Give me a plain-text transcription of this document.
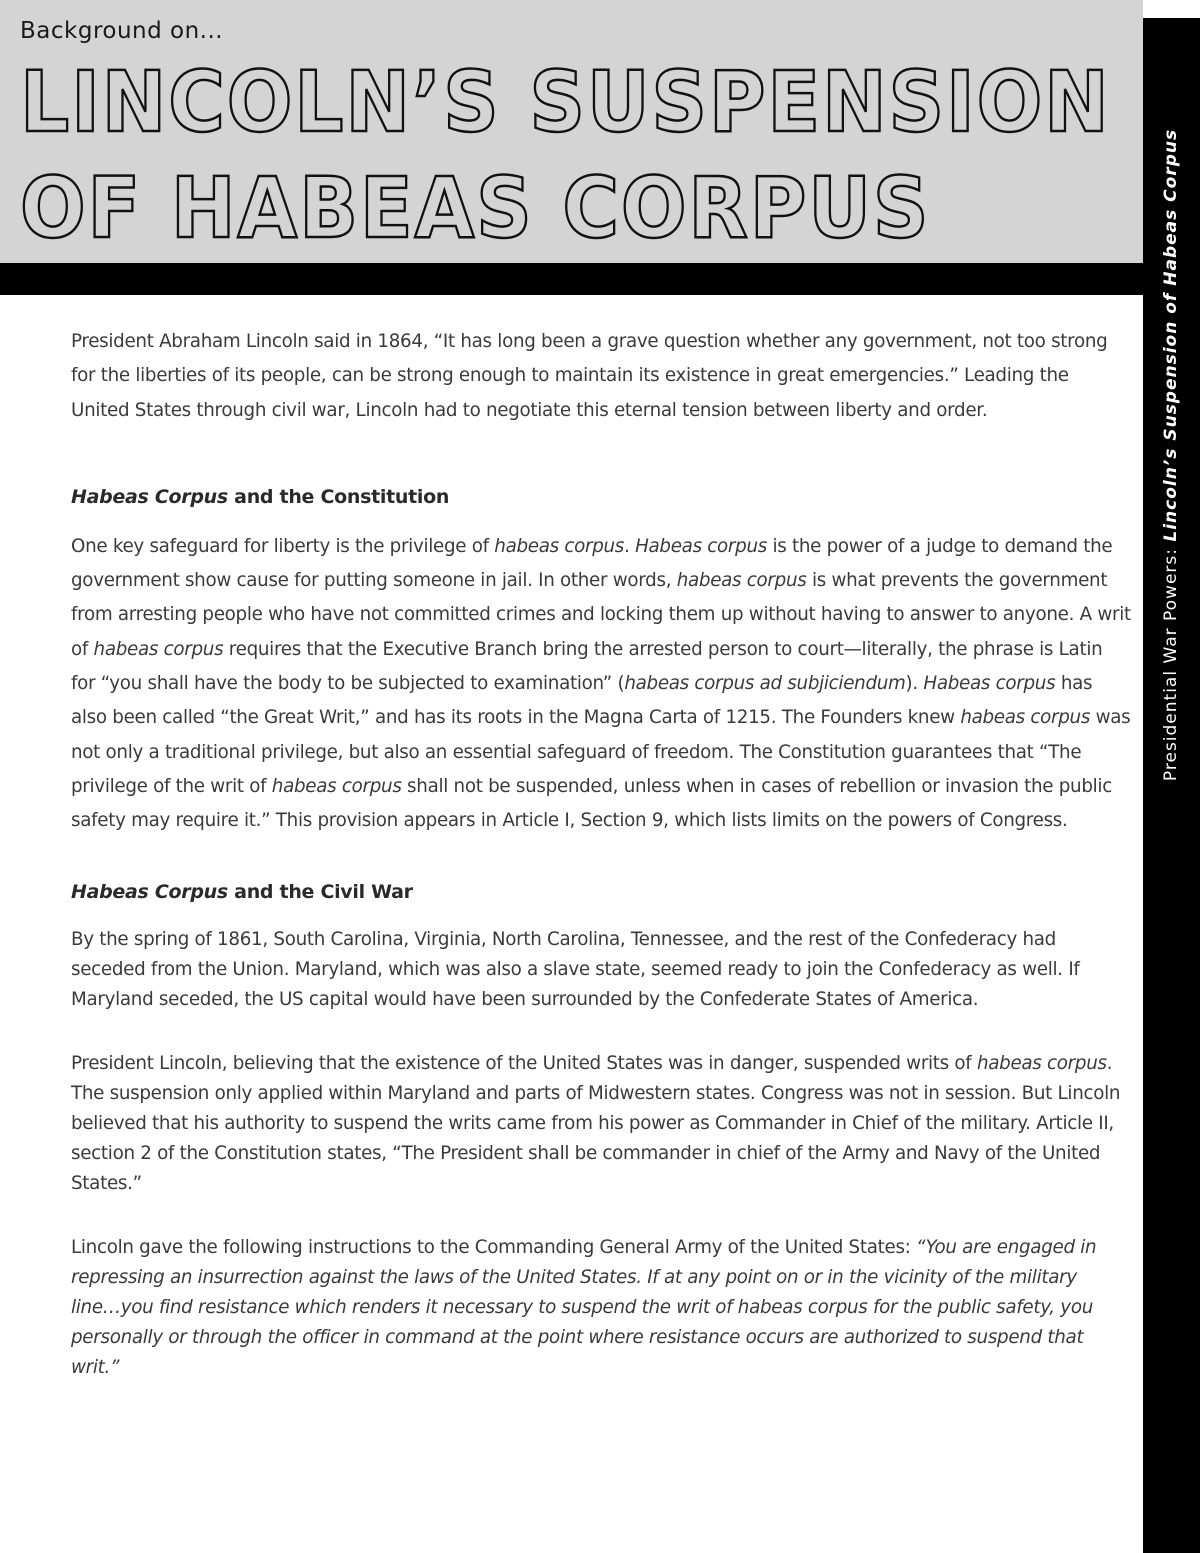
Background on...
LINCOLN’S SUSPENSION
OF HABEAS CORPUS
Presidential War Powers: Lincoln’s Suspension of Habeas Corpus

President Abraham Lincoln said in 1864, “It has long been a grave question whether any government, not too strong for the liberties of its people, can be strong enough to maintain its existence in great emergencies.” Leading the United States through civil war, Lincoln had to negotiate this eternal tension between liberty and order.

Habeas Corpus and the Constitution

One key safeguard for liberty is the privilege of habeas corpus. Habeas corpus is the power of a judge to demand the government show cause for putting someone in jail. In other words, habeas corpus is what prevents the government from arresting people who have not committed crimes and locking them up without having to answer to anyone. A writ of habeas corpus requires that the Executive Branch bring the arrested person to court—literally, the phrase is Latin for “you shall have the body to be subjected to examination” (habeas corpus ad subjiciendum). Habeas corpus has also been called “the Great Writ,” and has its roots in the Magna Carta of 1215. The Founders knew habeas corpus was not only a traditional privilege, but also an essential safeguard of freedom. The Constitution guarantees that “The privilege of the writ of habeas corpus shall not be suspended, unless when in cases of rebellion or invasion the public safety may require it.” This provision appears in Article I, Section 9, which lists limits on the powers of Congress.

Habeas Corpus and the Civil War

By the spring of 1861, South Carolina, Virginia, North Carolina, Tennessee, and the rest of the Confederacy had seceded from the Union. Maryland, which was also a slave state, seemed ready to join the Confederacy as well. If Maryland seceded, the US capital would have been surrounded by the Confederate States of America.

President Lincoln, believing that the existence of the United States was in danger, suspended writs of habeas corpus. The suspension only applied within Maryland and parts of Midwestern states. Congress was not in session. But Lincoln believed that his authority to suspend the writs came from his power as Commander in Chief of the military. Article II, section 2 of the Constitution states, “The President shall be commander in chief of the Army and Navy of the United States.”

Lincoln gave the following instructions to the Commanding General Army of the United States: “You are engaged in repressing an insurrection against the laws of the United States. If at any point on or in the vicinity of the military line…you find resistance which renders it necessary to suspend the writ of habeas corpus for the public safety, you personally or through the officer in command at the point where resistance occurs are authorized to suspend that writ.”
